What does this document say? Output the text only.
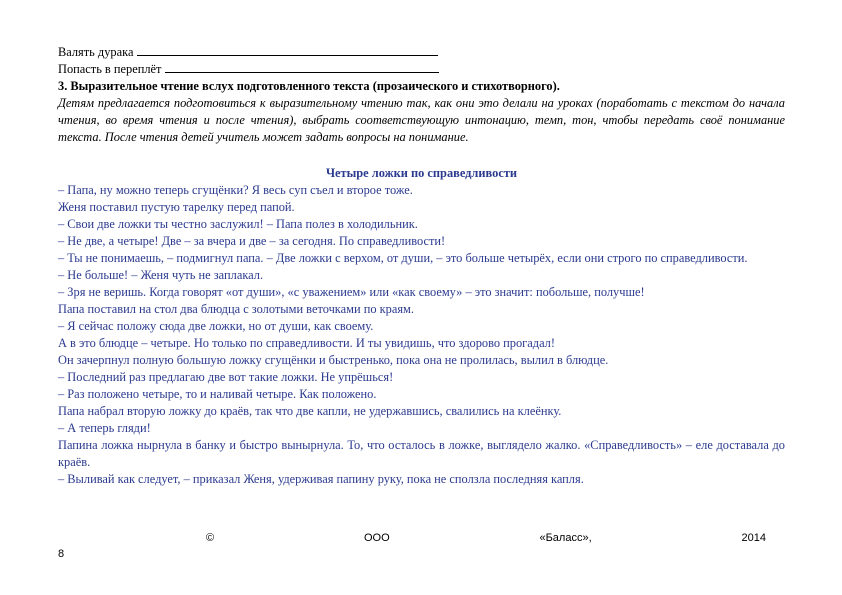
Валять дурака
Попасть в переплёт
3. Выразительное чтение вслух подготовленного текста (прозаического и стихотворного).

Детям предлагается подготовиться к выразительному чтению так, как они это делали на уроках (поработать с текстом до начала чтения, во время чтения и после чтения), выбрать соответствующую интонацию, темп, тон, чтобы передать своё понимание текста. После чтения детей учитель может задать вопросы на понимание.

Четыре ложки по справедливости

– Папа, ну можно теперь сгущёнки? Я весь суп съел и второе тоже.

Женя поставил пустую тарелку перед папой.

– Свои две ложки ты честно заслужил! – Папа полез в холодильник.

– Не две, а четыре! Две – за вчера и две – за сегодня. По справедливости!

– Ты не понимаешь, – подмигнул папа. – Две ложки с верхом, от души, – это больше четырёх, если они строго по справедливости.

– Не больше! – Женя чуть не заплакал.

– Зря не веришь. Когда говорят «от души», «с уважением» или «как своему» – это значит: побольше, получше!

Папа поставил на стол два блюдца с золотыми веточками по краям.

– Я сейчас положу сюда две ложки, но от души, как своему.

А в это блюдце – четыре. Но только по справедливости. И ты увидишь, что здорово прогадал!

Он зачерпнул полную большую ложку сгущёнки и быстренько, пока она не пролилась, вылил в блюдце.

– Последний раз предлагаю две вот такие ложки. Не упрёшься!

– Раз положено четыре, то и наливай четыре. Как положено.

Папа набрал вторую ложку до краёв, так что две капли, не удержавшись, свалились на клеёнку.

– А теперь гляди!

Папина ложка нырнула в банку и быстро вынырнула. То, что осталось в ложке, выглядело жалко. «Справедливость» – еле доставала до краёв.

– Выливай как следует, – приказал Женя, удерживая папину руку, пока не сползла последняя капля.

©	ООО	«Баласс»,	2014
8
